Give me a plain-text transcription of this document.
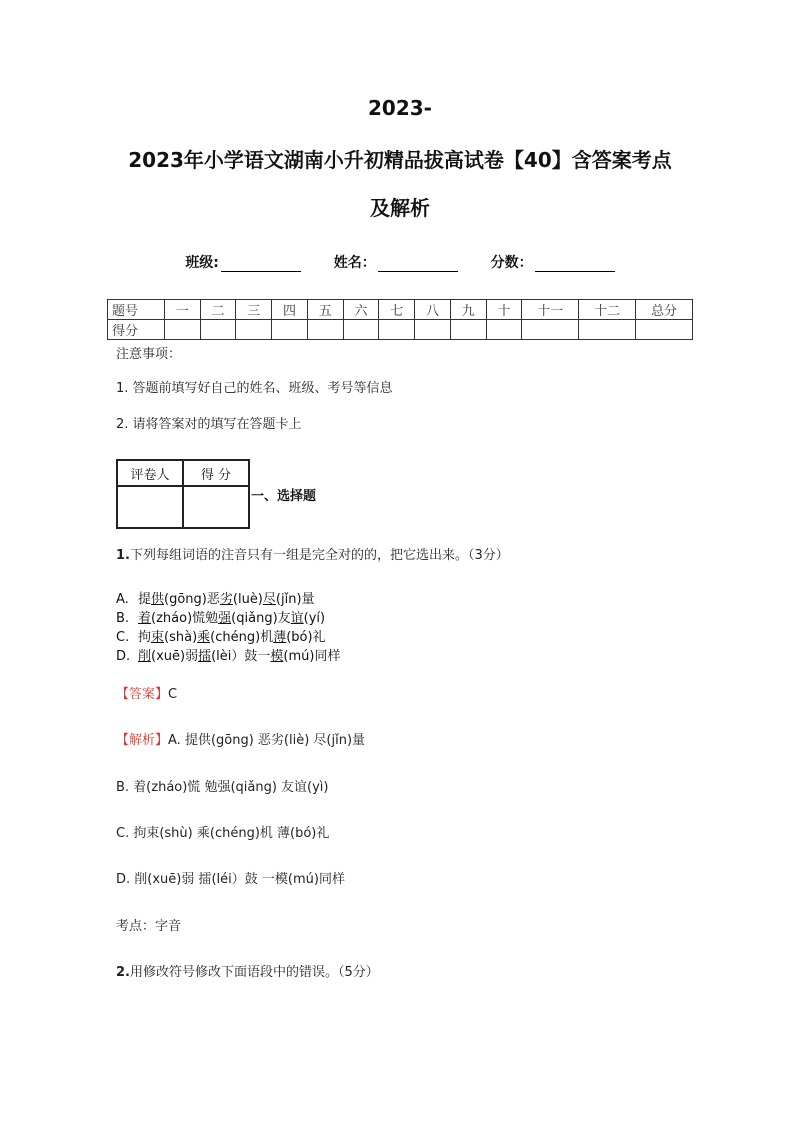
2023-
2023年小学语文湖南小升初精品拔高试卷【40】含答案考点
及解析
班级:	姓名：	分数：
题号	一	二	三	四	五	六	七	八	九	十	十一	十二	总分
得分													
注意事项：
1. 答题前填写好自己的姓名、班级、考号等信息
2. 请将答案对的填写在答题卡上
评卷人	得 分

一、选择题
1.下列每组词语的注音只有一组是完全对的的，把它选出来。（3分）
A. 提供(gōng)恶劣(luè)尽(jǐn)量
B. 着(zháo)慌勉强(qiǎng)友谊(yí)
C. 拘束(shà)乘(chéng)机薄(bó)礼
D. 削(xuē)弱擂(lèi）鼓一模(mú)同样
【答案】C
【解析】A. 提供(gōng) 恶劣(liè) 尽(jǐn)量
B. 着(zháo)慌 勉强(qiǎng) 友谊(yì)
C. 拘束(shù) 乘(chéng)机 薄(bó)礼
D. 削(xuē)弱 擂(léi）鼓 一模(mú)同样
考点：字音
2.用修改符号修改下面语段中的错误。（5分）
